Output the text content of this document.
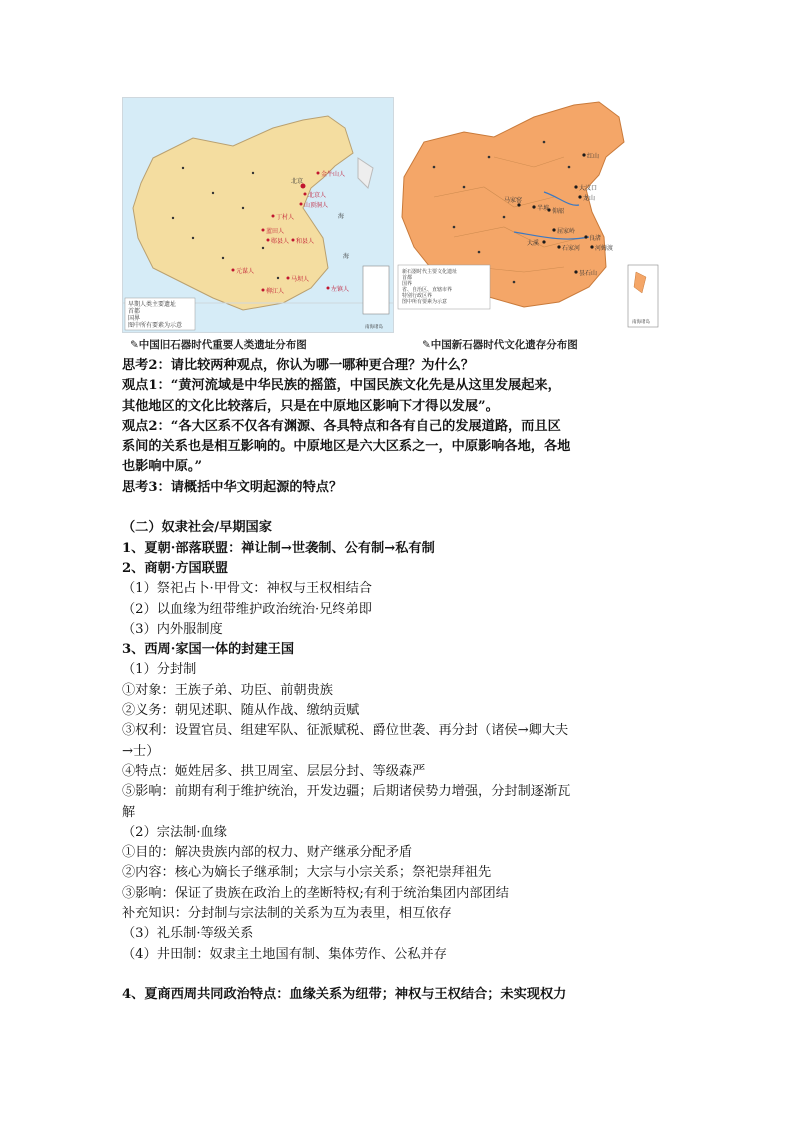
北京
海
海
金牛山人
北京人
山顶洞人
丁村人
蓝田人
郧县人 和县人
元谋人
马坝人
柳江人	左镇人
早期人类主要遗址
首都
国界
图中所有要素为示意	南海诸岛
红山
大汶口
龙山
半坡 仰韶
马家窑
屈家岭
河姆渡
良渚
大溪
石家河
昙石山
新石器时代主要文化遗址
首都
国界
省、自治区、直辖市界
特别行政区界
图中所有要素为示意
南海诸岛
✎中国旧石器时代重要人类遗址分布图	✎中国新石器时代文化遗存分布图
思考2：请比较两种观点，你认为哪一哪种更合理？为什么？
观点1：“黄河流域是中华民族的摇篮，中国民族文化先是从这里发展起来，
其他地区的文化比较落后，只是在中原地区影响下才得以发展”。
观点2：“各大区系不仅各有渊源、各具特点和各有自己的发展道路，而且区
系间的关系也是相互影响的。中原地区是六大区系之一，中原影响各地，各地
也影响中原。”
思考3：请概括中华文明起源的特点？
（二）奴隶社会/早期国家
1、夏朝·部落联盟：禅让制→世袭制、公有制→私有制
2、商朝·方国联盟
（1）祭祀占卜·甲骨文：神权与王权相结合
（2）以血缘为纽带维护政治统治·兄终弟即
（3）内外服制度
3、西周·家国一体的封建王国
（1）分封制
①对象：王族子弟、功臣、前朝贵族
②义务：朝见述职、随从作战、缴纳贡赋
③权利：设置官员、组建军队、征派赋税、爵位世袭、再分封（诸侯→卿大夫
→士）
④特点：姬姓居多、拱卫周室、层层分封、等级森严
⑤影响：前期有利于维护统治，开发边疆；后期诸侯势力增强，分封制逐渐瓦
解
（2）宗法制·血缘
①目的：解决贵族内部的权力、财产继承分配矛盾
②内容：核心为嫡长子继承制；大宗与小宗关系；祭祀崇拜祖先
③影响：保证了贵族在政治上的垄断特权;有利于统治集团内部团结
补充知识：分封制与宗法制的关系为互为表里，相互依存
（3）礼乐制·等级关系
（4）井田制：奴隶主土地国有制、集体劳作、公私并存
4、夏商西周共同政治特点：血缘关系为纽带；神权与王权结合；未实现权力
